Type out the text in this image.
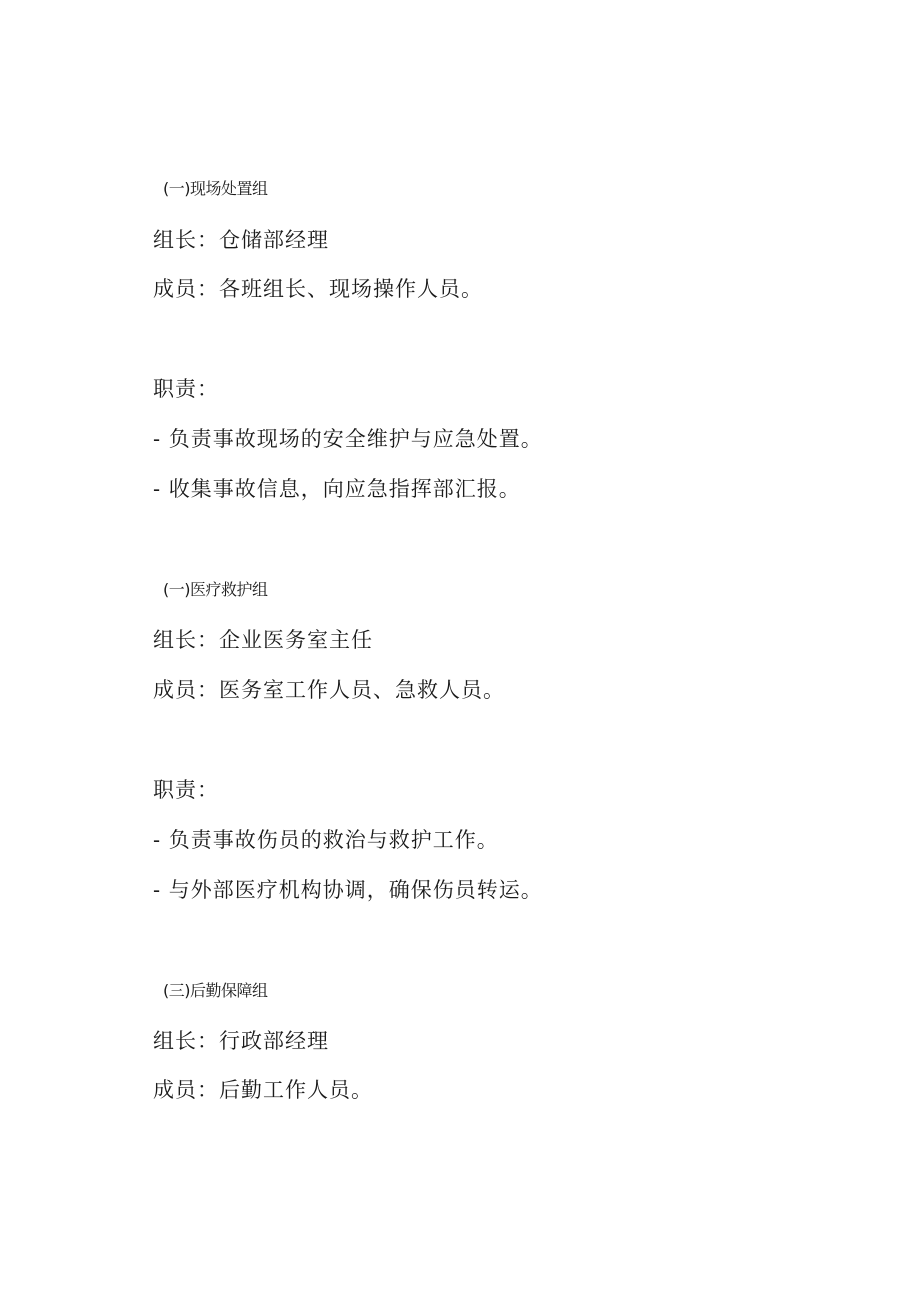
(一)现场处置组
组长：仓储部经理
成员：各班组长、现场操作人员。
职责：
- 负责事故现场的安全维护与应急处置。
- 收集事故信息，向应急指挥部汇报。
(一)医疗救护组
组长：企业医务室主任
成员：医务室工作人员、急救人员。
职责：
- 负责事故伤员的救治与救护工作。
- 与外部医疗机构协调，确保伤员转运。
(三)后勤保障组
组长：行政部经理
成员：后勤工作人员。
